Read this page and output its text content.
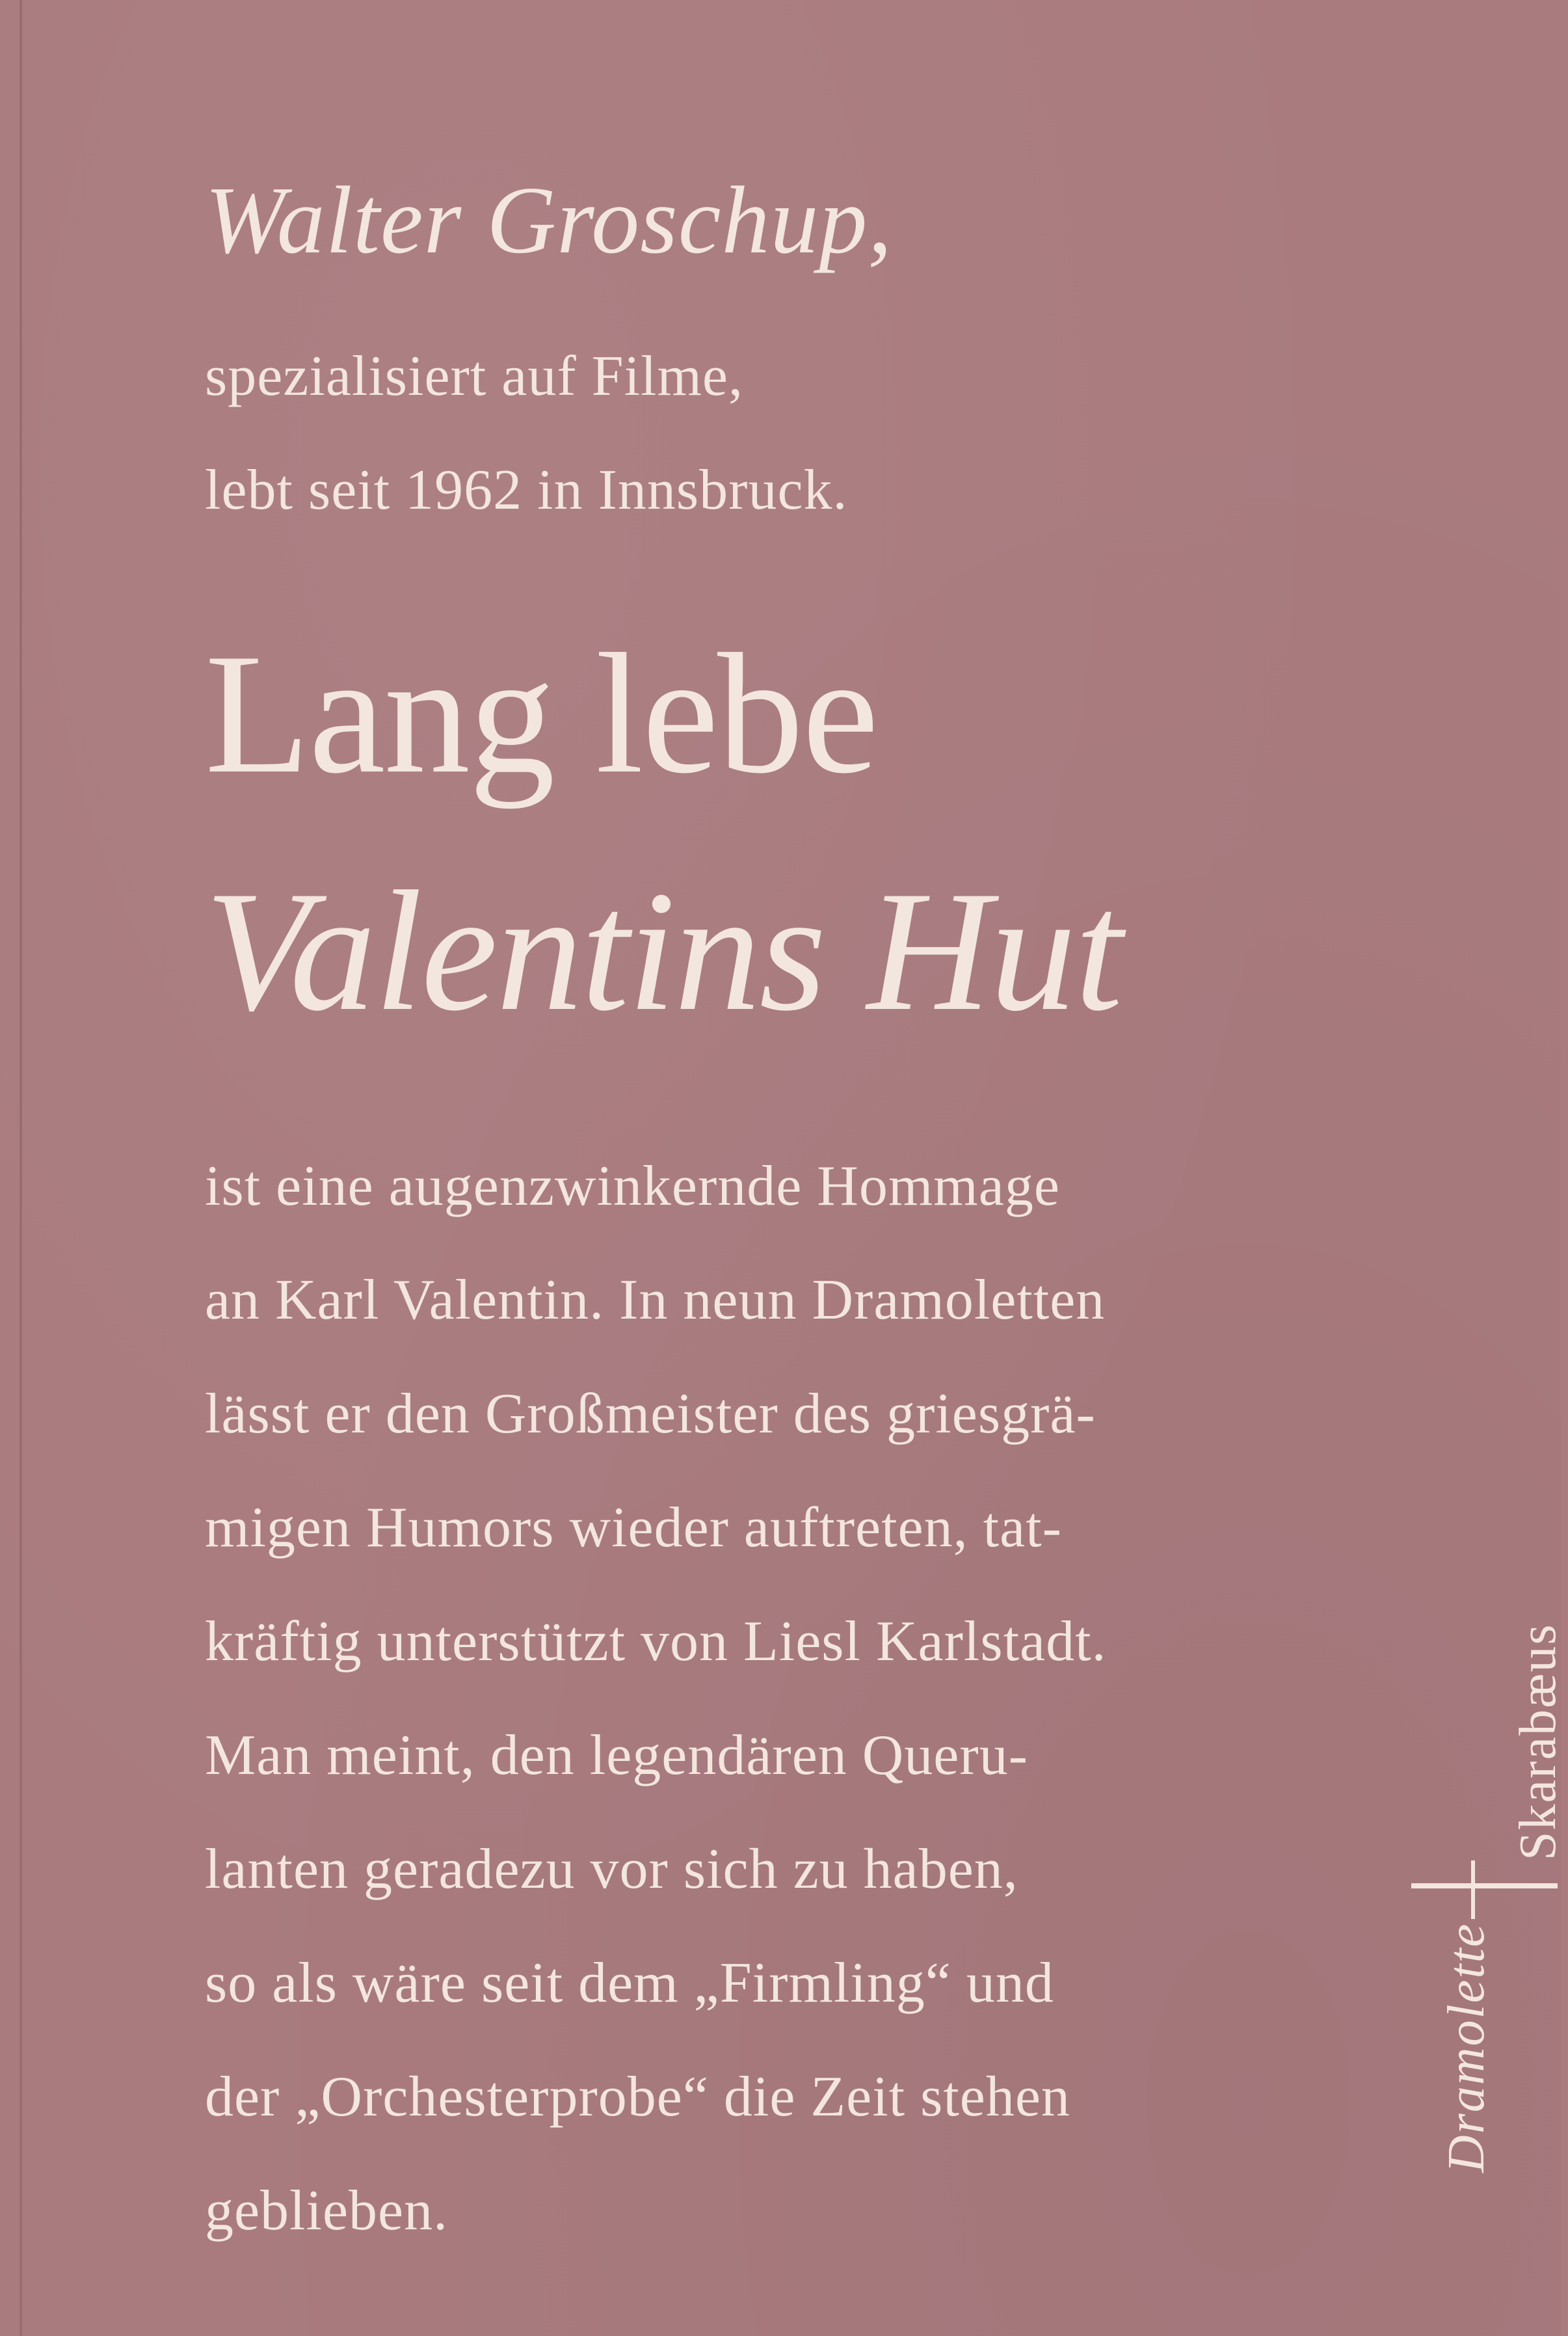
Walter Groschup,

spezialisiert auf Filme,

lebt seit 1962 in Innsbruck.

Lang lebe

Valentins Hut

ist eine augenzwinkernde Hommage

an Karl Valentin. In neun Dramoletten

lässt er den Großmeister des griesgrä-

migen Humors wieder auftreten, tat-

kräftig unterstützt von Liesl Karlstadt.

Man meint, den legendären Queru-

lanten geradezu vor sich zu haben,

so als wäre seit dem „Firmling“ und

der „Orchesterprobe“ die Zeit stehen

geblieben.

Skarabæus
Dramolette
